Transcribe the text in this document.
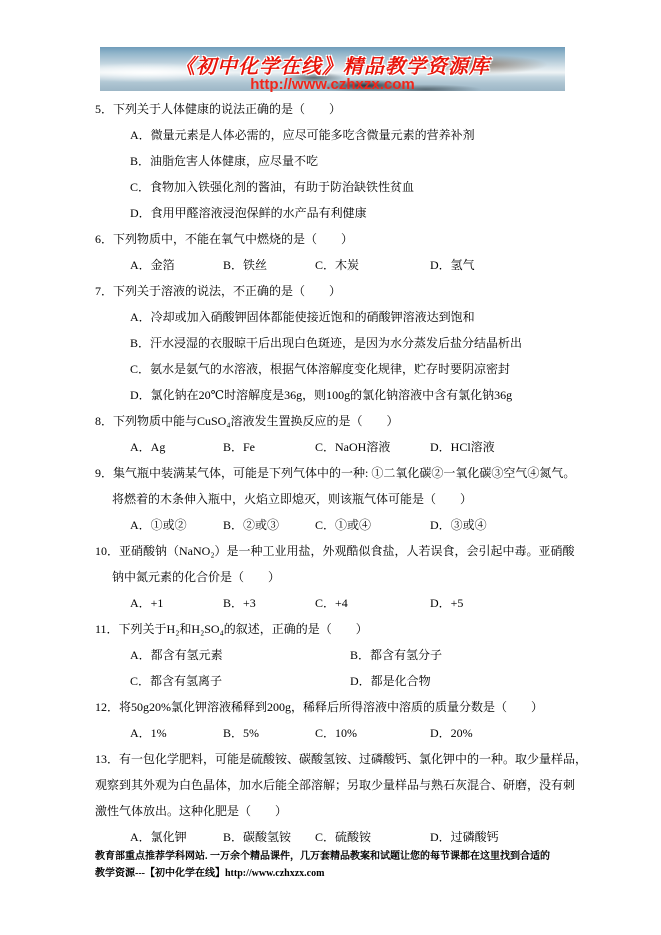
《初中化学在线》精品教学资源库
http://www.czhxzx.com
5．下列关于人体健康的说法正确的是（　　）
A．微量元素是人体必需的，应尽可能多吃含微量元素的营养补剂
B．油脂危害人体健康，应尽量不吃
C．食物加入铁强化剂的酱油，有助于防治缺铁性贫血
D．食用甲醛溶液浸泡保鲜的水产品有利健康
6．下列物质中，不能在氧气中燃烧的是（　　）
A．金箔	B．铁丝	C．木炭	D．氢气
7．下列关于溶液的说法，不正确的是（　　）
A．冷却或加入硝酸钾固体都能使接近饱和的硝酸钾溶液达到饱和
B．汗水浸湿的衣服晾干后出现白色斑迹，是因为水分蒸发后盐分结晶析出
C．氨水是氨气的水溶液，根据气体溶解度变化规律，贮存时要阴凉密封
D．氯化钠在20℃时溶解度是36g，则100g的氯化钠溶液中含有氯化钠36g
8．下列物质中能与CuSO₄溶液发生置换反应的是（　　）
A．Ag	B．Fe	C．NaOH溶液	D．HCl溶液
9．集气瓶中装满某气体，可能是下列气体中的一种: ①二氧化碳②一氧化碳③空气④氮气。
将燃着的木条伸入瓶中，火焰立即熄灭，则该瓶气体可能是（　　）
A．①或②	B．②或③	C．①或④	D．③或④
10．亚硝酸钠（NaNO₂）是一种工业用盐，外观酷似食盐，人若误食，会引起中毒。亚硝酸
钠中氮元素的化合价是（　　）
A．+1	B．+3	C．+4	D．+5
11．下列关于H₂和H₂SO₄的叙述，正确的是（　　）
A．都含有氢元素	B．都含有氢分子
C．都含有氢离子	D．都是化合物
12．将50g20%氯化钾溶液稀释到200g，稀释后所得溶液中溶质的质量分数是（　　）
A．1%	B．5%	C．10%	D．20%
13．有一包化学肥料，可能是硫酸铵、碳酸氢铵、过磷酸钙、氯化钾中的一种。取少量样品，
观察到其外观为白色晶体，加水后能全部溶解；另取少量样品与熟石灰混合、研磨，没有刺
激性气体放出。这种化肥是（　　）
A．氯化钾	B．碳酸氢铵	C．硫酸铵	D．过磷酸钙
教育部重点推荐学科网站. 一万余个精品课件，几万套精品教案和试题让您的每节课都在这里找到合适的
教学资源---【初中化学在线】http://www.czhxzx.com
